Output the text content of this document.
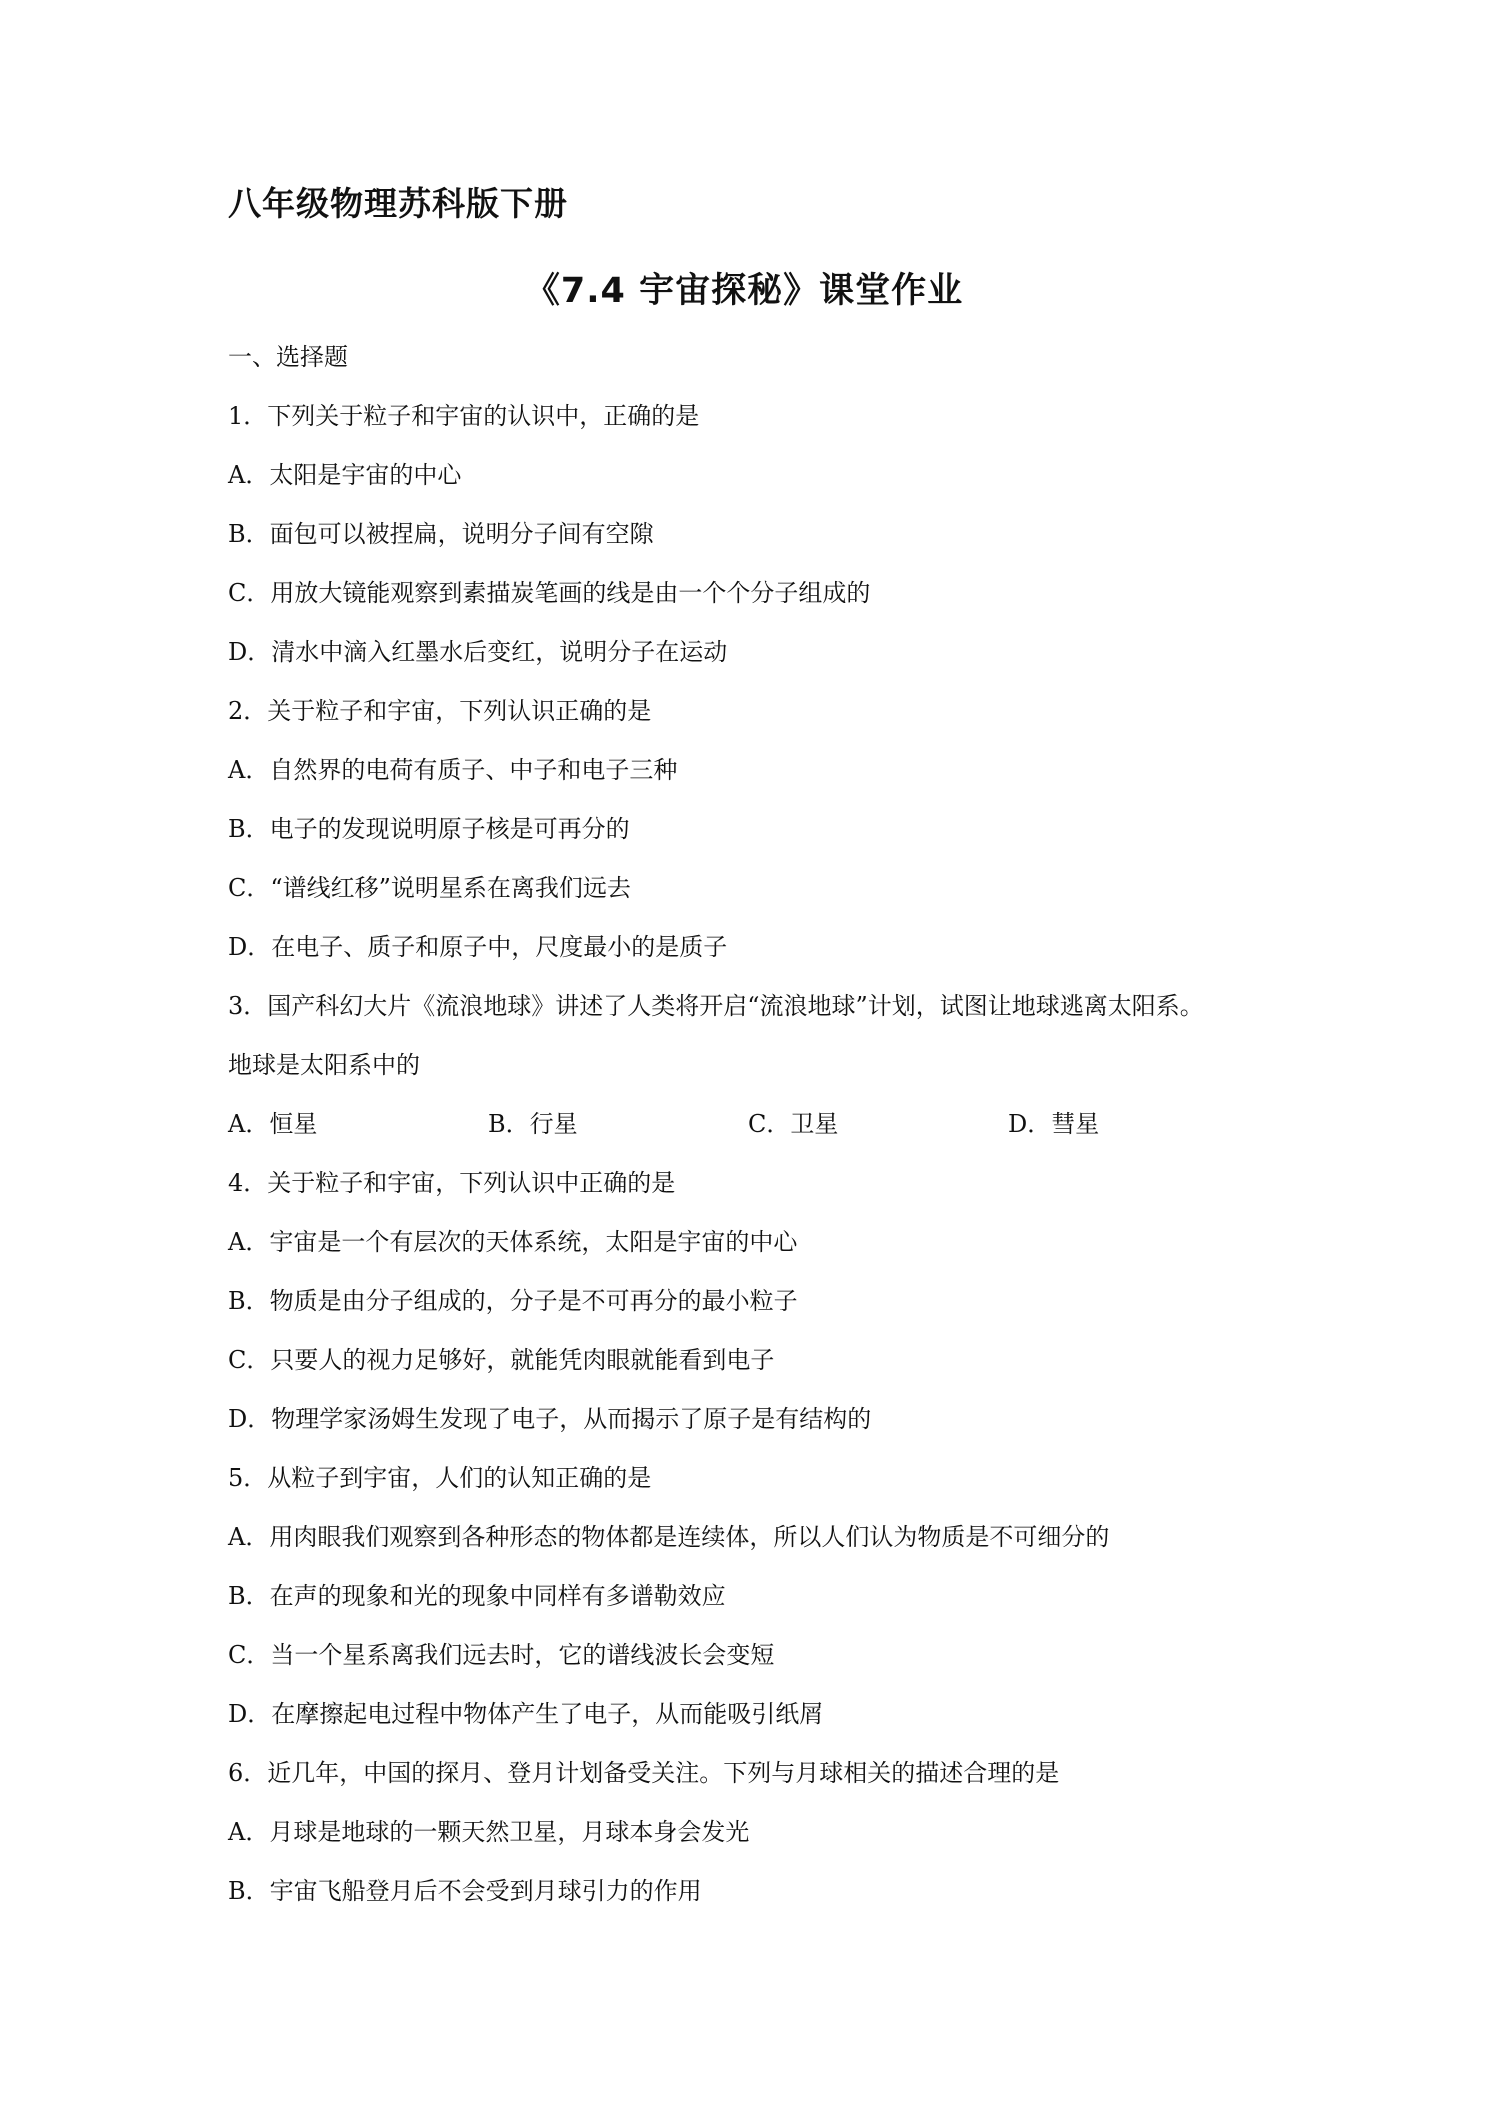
八年级物理苏科版下册
《7.4 宇宙探秘》课堂作业
一、选择题
1．下列关于粒子和宇宙的认识中，正确的是
A．太阳是宇宙的中心
B．面包可以被捏扁，说明分子间有空隙
C．用放大镜能观察到素描炭笔画的线是由一个个分子组成的
D．清水中滴入红墨水后变红，说明分子在运动
2．关于粒子和宇宙，下列认识正确的是
A．自然界的电荷有质子、中子和电子三种
B．电子的发现说明原子核是可再分的
C．“谱线红移”说明星系在离我们远去
D．在电子、质子和原子中，尺度最小的是质子
3．国产科幻大片《流浪地球》讲述了人类将开启“流浪地球”计划，试图让地球逃离太阳系。
地球是太阳系中的
A．恒星	B．行星	C．卫星	D．彗星
4．关于粒子和宇宙，下列认识中正确的是
A．宇宙是一个有层次的天体系统，太阳是宇宙的中心
B．物质是由分子组成的，分子是不可再分的最小粒子
C．只要人的视力足够好，就能凭肉眼就能看到电子
D．物理学家汤姆生发现了电子，从而揭示了原子是有结构的
5．从粒子到宇宙，人们的认知正确的是
A．用肉眼我们观察到各种形态的物体都是连续体，所以人们认为物质是不可细分的
B．在声的现象和光的现象中同样有多谱勒效应
C．当一个星系离我们远去时，它的谱线波长会变短
D．在摩擦起电过程中物体产生了电子，从而能吸引纸屑
6．近几年，中国的探月、登月计划备受关注。下列与月球相关的描述合理的是
A．月球是地球的一颗天然卫星，月球本身会发光
B．宇宙飞船登月后不会受到月球引力的作用
